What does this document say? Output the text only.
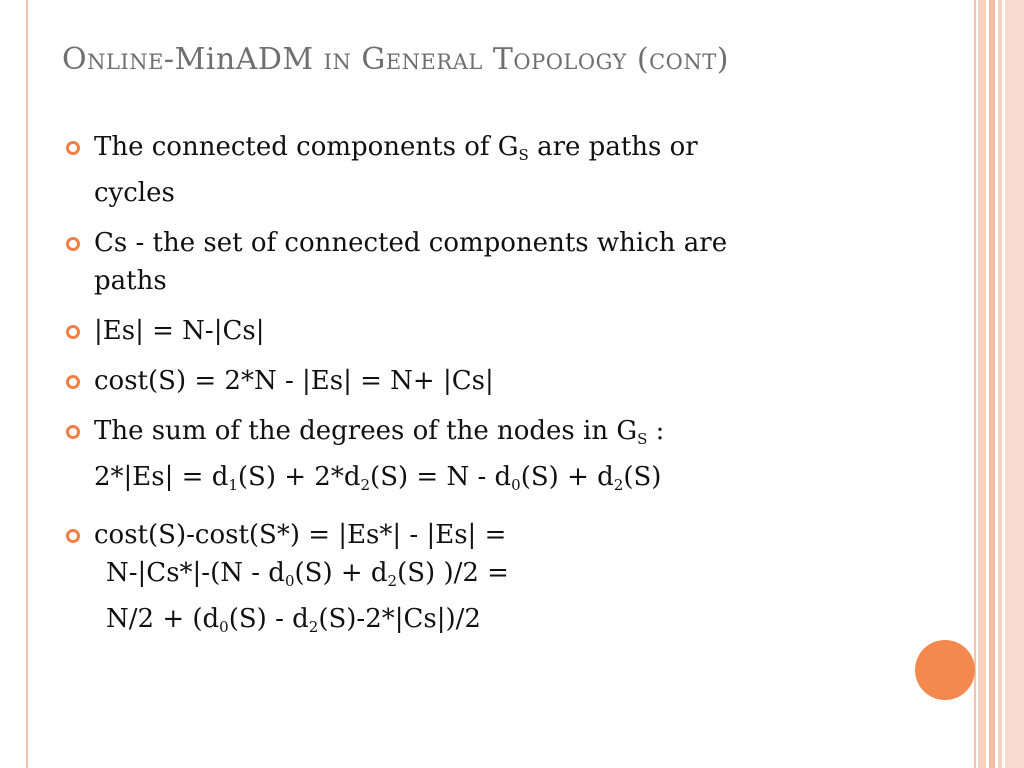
Online-MinADM in General Topology (cont)
The connected components of $G_S$ are paths or
cycles
Cs - the set of connected components which are
paths
|Es| = N-|Cs|
cost(S) = 2*N - |Es| = N+ |Cs|
The sum of the degrees of the nodes in $G_S$ :
$2*|Es| = d_1(S) + 2*d_2(S) = N - d_0(S) + d_2(S)$
cost(S)-cost(S*) = |Es*| - |Es| =
$N-|Cs*|-(N - d_0(S) + d_2(S) )/2$ =
$N/2 + (d_0(S) - d_2(S)-2*|Cs|)/2$
